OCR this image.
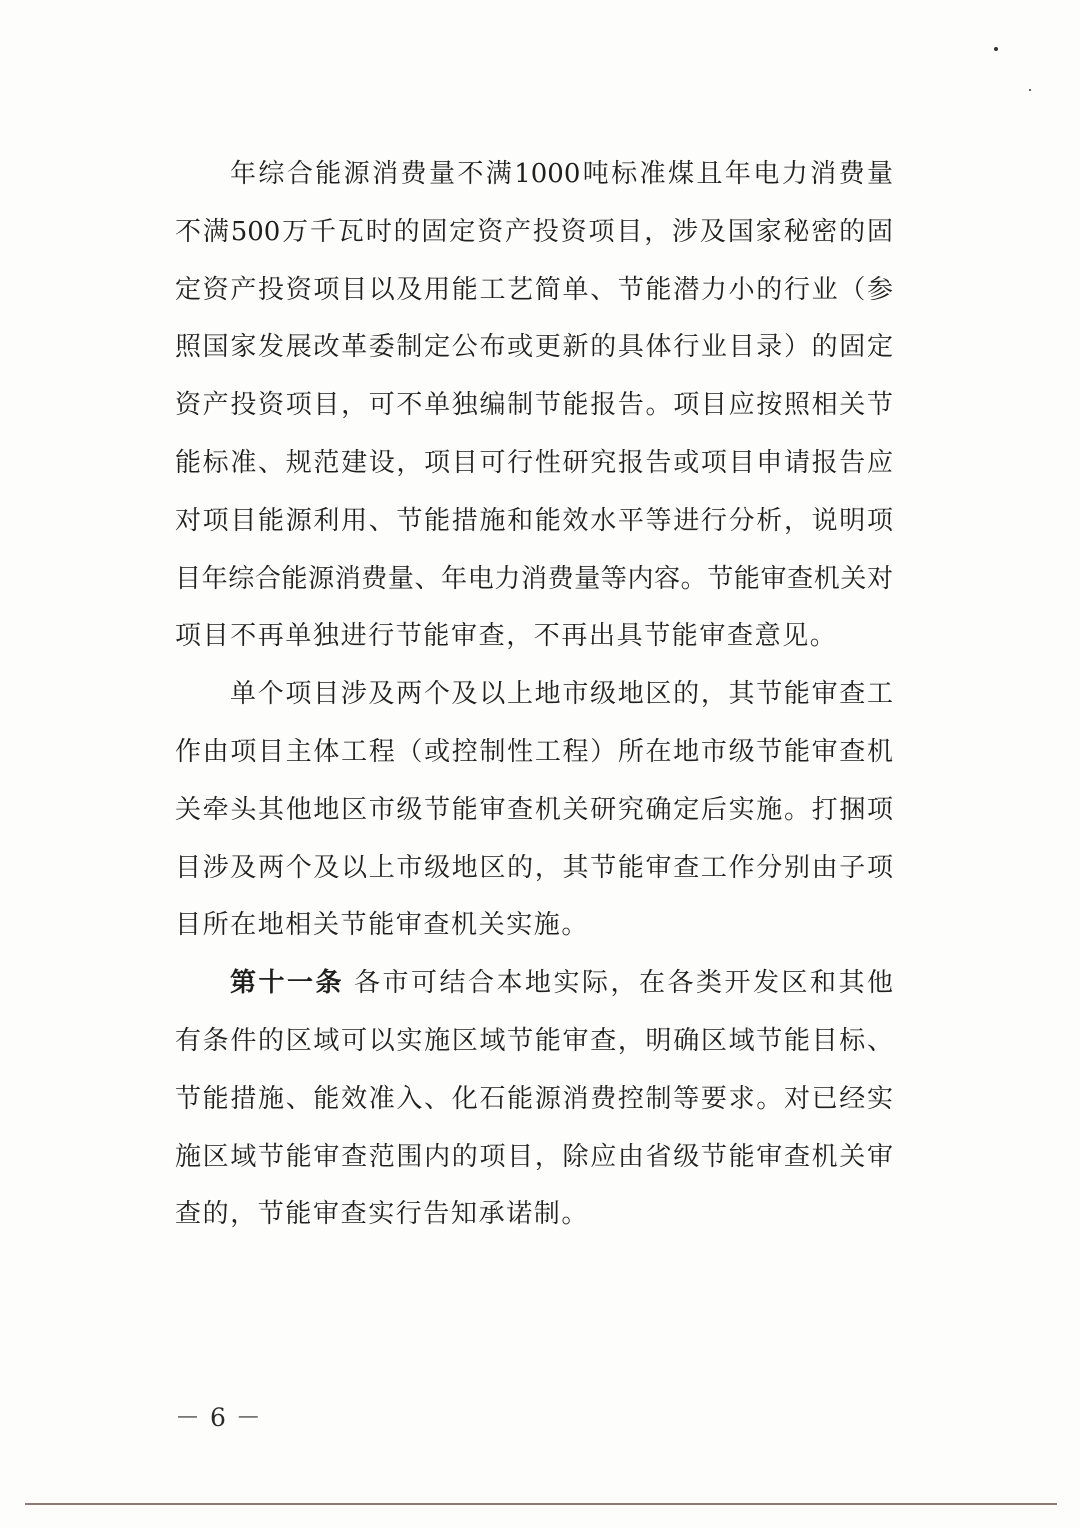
年综合能源消费量不满1000吨标准煤且年电力消费量
不满500万千瓦时的固定资产投资项目，涉及国家秘密的固
定资产投资项目以及用能工艺简单、节能潜力小的行业（参
照国家发展改革委制定公布或更新的具体行业目录）的固定
资产投资项目，可不单独编制节能报告。项目应按照相关节
能标准、规范建设，项目可行性研究报告或项目申请报告应
对项目能源利用、节能措施和能效水平等进行分析，说明项
目年综合能源消费量、年电力消费量等内容。节能审查机关对
项目不再单独进行节能审查，不再出具节能审查意见。
单个项目涉及两个及以上地市级地区的，其节能审查工
作由项目主体工程（或控制性工程）所在地市级节能审查机
关牵头其他地区市级节能审查机关研究确定后实施。打捆项
目涉及两个及以上市级地区的，其节能审查工作分别由子项
目所在地相关节能审查机关实施。
第十一条 各市可结合本地实际，在各类开发区和其他
有条件的区域可以实施区域节能审查，明确区域节能目标、
节能措施、能效准入、化石能源消费控制等要求。对已经实
施区域节能审查范围内的项目，除应由省级节能审查机关审
查的，节能审查实行告知承诺制。
－ 6 －
